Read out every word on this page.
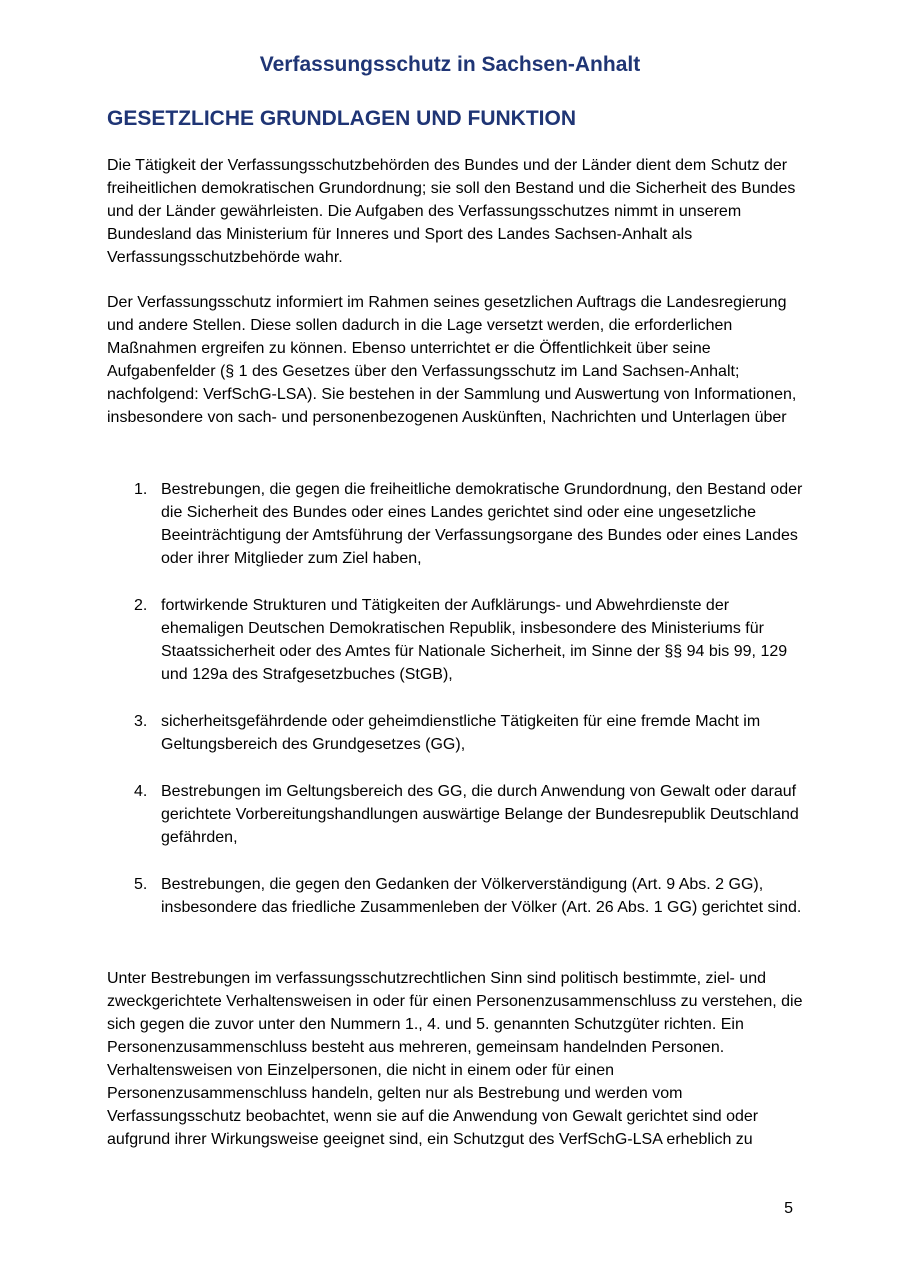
Verfassungsschutz in Sachsen-Anhalt
GESETZLICHE GRUNDLAGEN UND FUNKTION

Die Tätigkeit der Verfassungsschutzbehörden des Bundes und der Länder dient dem Schutz der freiheitlichen demokratischen Grundordnung; sie soll den Bestand und die Sicherheit des Bundes und der Länder gewährleisten. Die Aufgaben des Verfassungsschutzes nimmt in unserem Bundesland das Ministerium für Inneres und Sport des Landes Sachsen-Anhalt als Verfassungsschutzbehörde wahr.

Der Verfassungsschutz informiert im Rahmen seines gesetzlichen Auftrags die Landesregierung und andere Stellen. Diese sollen dadurch in die Lage versetzt werden, die erforderlichen Maßnahmen ergreifen zu können. Ebenso unterrichtet er die Öffentlichkeit über seine Aufgabenfelder (§ 1 des Gesetzes über den Verfassungsschutz im Land Sachsen-Anhalt; nachfolgend: VerfSchG-LSA). Sie bestehen in der Sammlung und Auswertung von Informationen, insbesondere von sach- und personenbezogenen Auskünften, Nachrichten und Unterlagen über

1. Bestrebungen, die gegen die freiheitliche demokratische Grundordnung, den Bestand oder die Sicherheit des Bundes oder eines Landes gerichtet sind oder eine ungesetzliche Beeinträchtigung der Amtsführung der Verfassungsorgane des Bundes oder eines Landes oder ihrer Mitglieder zum Ziel haben,
2. fortwirkende Strukturen und Tätigkeiten der Aufklärungs- und Abwehrdienste der ehemaligen Deutschen Demokratischen Republik, insbesondere des Ministeriums für Staatssicherheit oder des Amtes für Nationale Sicherheit, im Sinne der §§ 94 bis 99, 129 und 129a des Strafgesetzbuches (StGB),
3. sicherheitsgefährdende oder geheimdienstliche Tätigkeiten für eine fremde Macht im Geltungsbereich des Grundgesetzes (GG),
4. Bestrebungen im Geltungsbereich des GG, die durch Anwendung von Gewalt oder darauf gerichtete Vorbereitungshandlungen auswärtige Belange der Bundesrepublik Deutschland gefährden,
5. Bestrebungen, die gegen den Gedanken der Völkerverständigung (Art. 9 Abs. 2 GG), insbesondere das friedliche Zusammenleben der Völker (Art. 26 Abs. 1 GG) gerichtet sind.

Unter Bestrebungen im verfassungsschutzrechtlichen Sinn sind politisch bestimmte, ziel- und zweckgerichtete Verhaltensweisen in oder für einen Personenzusammenschluss zu verstehen, die sich gegen die zuvor unter den Nummern 1., 4. und 5. genannten Schutzgüter richten. Ein Personenzusammenschluss besteht aus mehreren, gemeinsam handelnden Personen. Verhaltensweisen von Einzelpersonen, die nicht in einem oder für einen Personenzusammenschluss handeln, gelten nur als Bestrebung und werden vom Verfassungsschutz beobachtet, wenn sie auf die Anwendung von Gewalt gerichtet sind oder aufgrund ihrer Wirkungsweise geeignet sind, ein Schutzgut des VerfSchG-LSA erheblich zu

5
